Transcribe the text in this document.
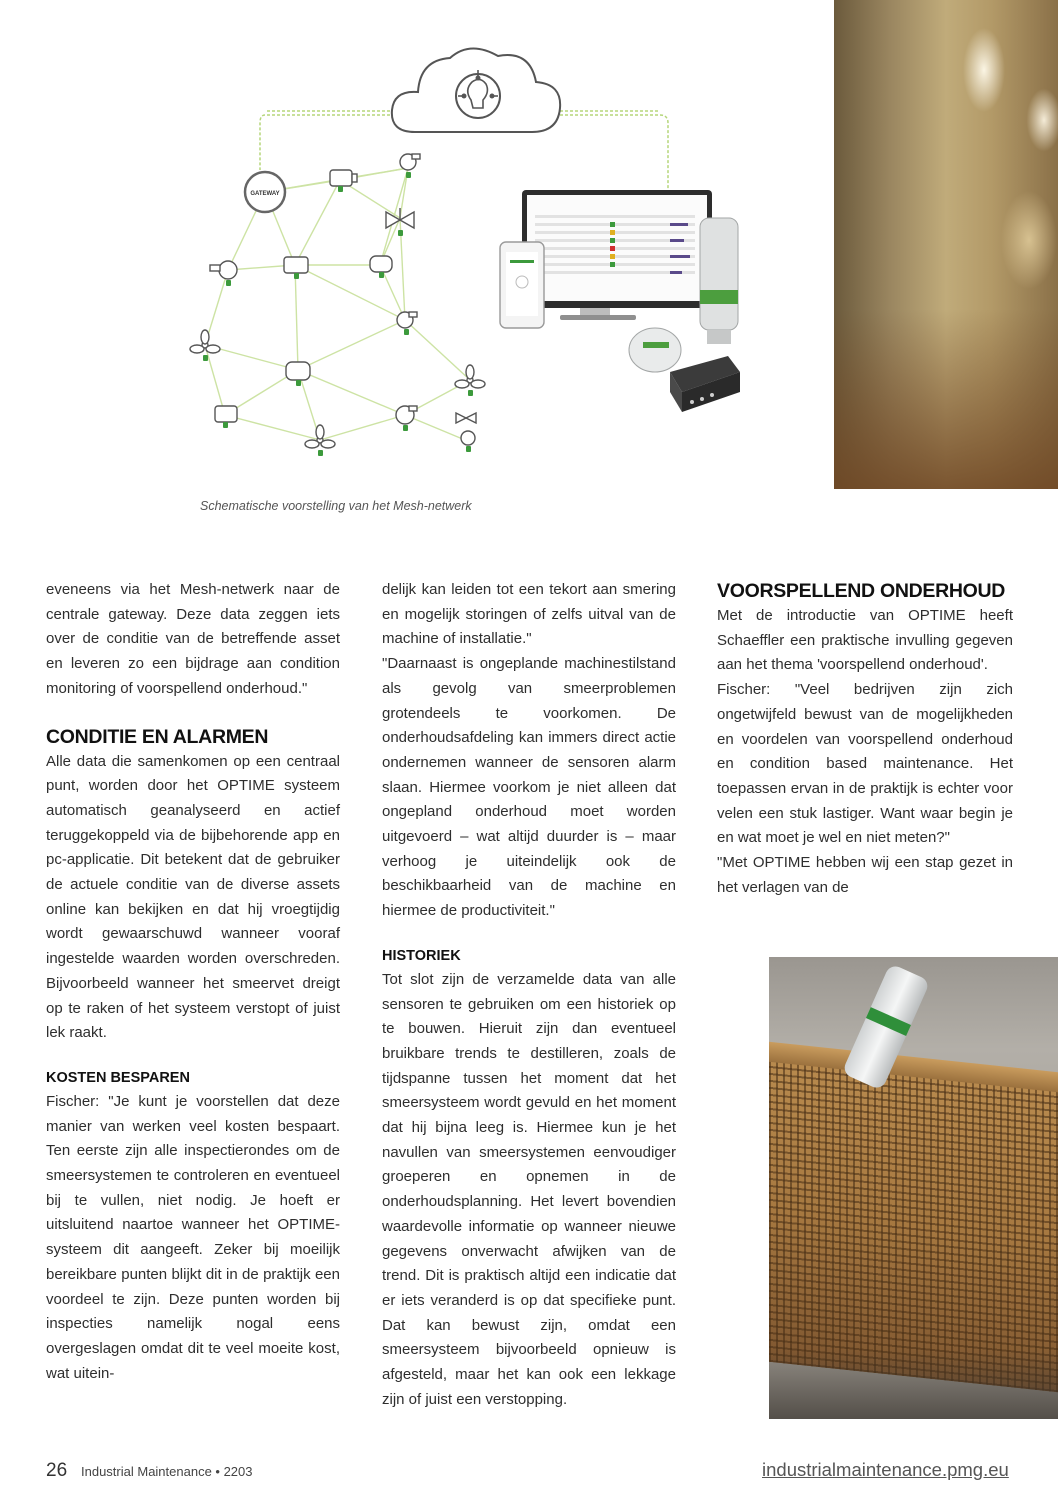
GATEWAY
Schematische voorstelling van het Mesh-netwerk

eveneens via het Mesh-netwerk naar de centrale gateway. Deze data zeggen iets over de conditie van de betreffende asset en leveren zo een bijdrage aan condition monitoring of voorspellend onderhoud."

CONDITIE EN ALARMEN

Alle data die samenkomen op een centraal punt, worden door het OPTIME systeem automatisch geanalyseerd en actief teruggekoppeld via de bijbehorende app en pc-applicatie. Dit betekent dat de gebruiker de actuele conditie van de diverse assets online kan bekijken en dat hij vroegtijdig wordt gewaarschuwd wanneer vooraf ingestelde waarden worden overschreden. Bijvoorbeeld wanneer het smeervet dreigt op te raken of het systeem verstopt of juist lek raakt.

KOSTEN BESPAREN

Fischer: "Je kunt je voorstellen dat deze manier van werken veel kosten bespaart. Ten eerste zijn alle inspectierondes om de smeersystemen te controleren en eventueel bij te vullen, niet nodig. Je hoeft er uitsluitend naartoe wanneer het OPTIME-systeem dit aangeeft. Zeker bij moeilijk bereikbare punten blijkt dit in de praktijk een voordeel te zijn. Deze punten worden bij inspecties namelijk nogal eens overgeslagen omdat dit te veel moeite kost, wat uitein-

delijk kan leiden tot een tekort aan smering en mogelijk storingen of zelfs uitval van de machine of installatie."

"Daarnaast is ongeplande machinestilstand als gevolg van smeerproblemen grotendeels te voorkomen. De onderhoudsafdeling kan immers direct actie ondernemen wanneer de sensoren alarm slaan. Hiermee voorkom je niet alleen dat ongepland onderhoud moet worden uitgevoerd – wat altijd duurder is – maar verhoog je uiteindelijk ook de beschikbaarheid van de machine en hiermee de productiviteit."

HISTORIEK

Tot slot zijn de verzamelde data van alle sensoren te gebruiken om een historiek op te bouwen. Hieruit zijn dan eventueel bruikbare trends te destilleren, zoals de tijdspanne tussen het moment dat het smeersysteem wordt gevuld en het moment dat hij bijna leeg is. Hiermee kun je het navullen van smeersystemen eenvoudiger groeperen en opnemen in de onderhoudsplanning. Het levert bovendien waardevolle informatie op wanneer nieuwe gegevens onverwacht afwijken van de trend. Dit is praktisch altijd een indicatie dat er iets veranderd is op dat specifieke punt. Dat kan bewust zijn, omdat een smeersysteem bijvoorbeeld opnieuw is afgesteld, maar het kan ook een lekkage zijn of juist een verstopping.

VOORSPELLEND ONDERHOUD

Met de introductie van OPTIME heeft Schaeffler een praktische invulling gegeven aan het thema 'voorspellend onderhoud'.

Fischer: "Veel bedrijven zijn zich ongetwijfeld bewust van de mogelijkheden en voordelen van voorspellend onderhoud en condition based maintenance. Het toepassen ervan in de praktijk is echter voor velen een stuk lastiger. Want waar begin je en wat moet je wel en niet meten?"

"Met OPTIME hebben wij een stap gezet in het verlagen van de

26 Industrial Maintenance • 2203	industrialmaintenance.pmg.eu
